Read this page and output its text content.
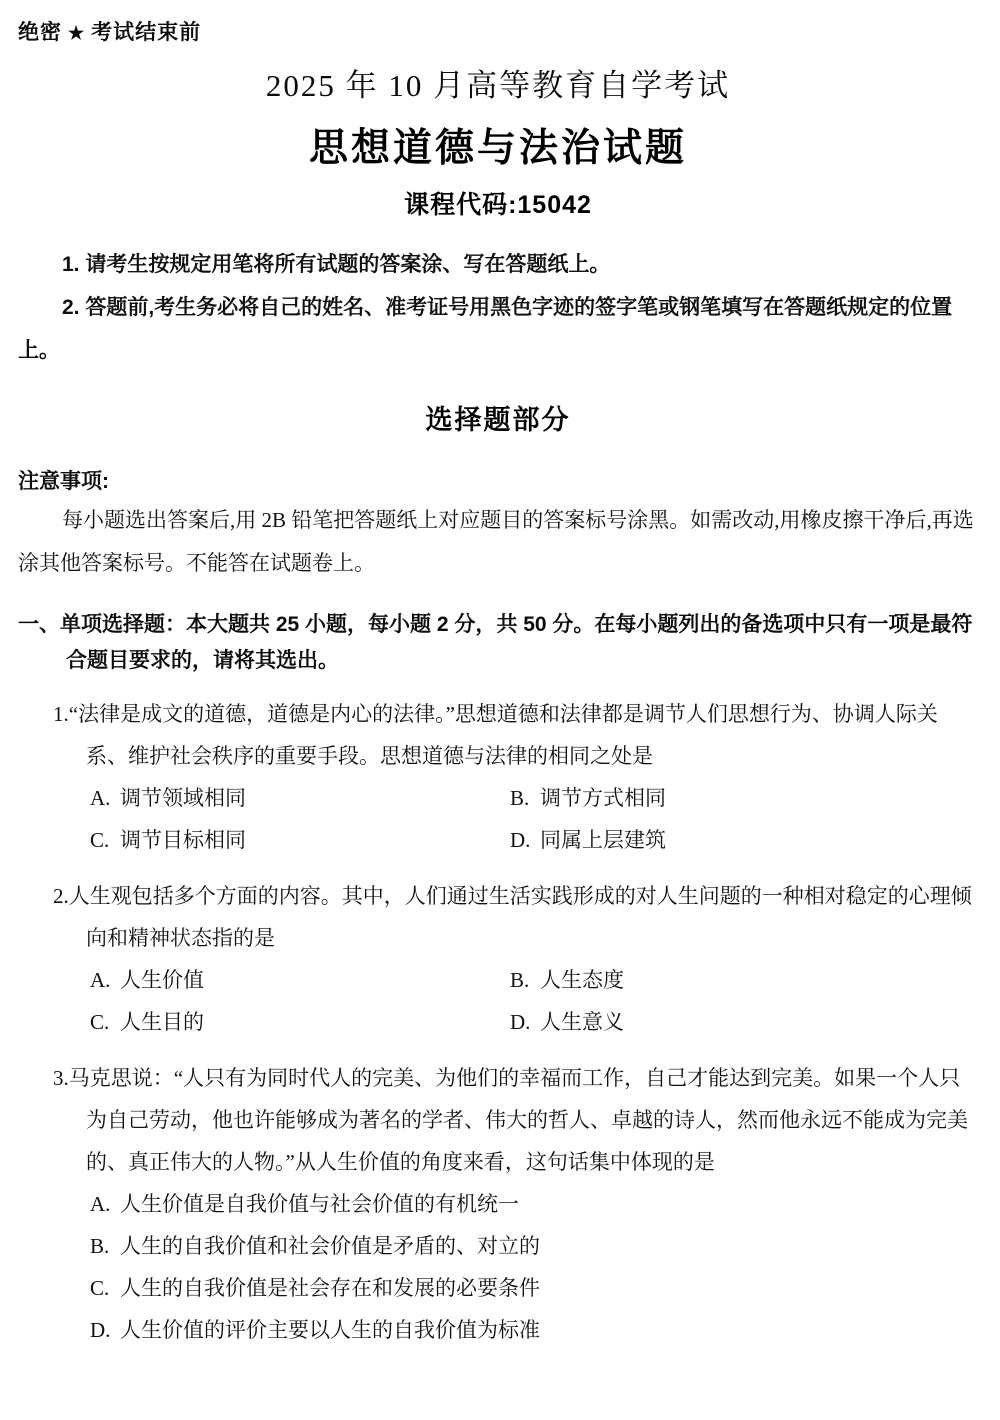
绝密 ★ 考试结束前
2025 年 10 月高等教育自学考试
思想道德与法治试题
课程代码:15042
1. 请考生按规定用笔将所有试题的答案涂、写在答题纸上。
2. 答题前,考生务必将自己的姓名、准考证号用黑色字迹的签字笔或钢笔填写在答题纸规定的位置上。
选择题部分
注意事项:
每小题选出答案后,用 2B 铅笔把答题纸上对应题目的答案标号涂黑。如需改动,用橡皮擦干净后,再选涂其他答案标号。不能答在试题卷上。
一、单项选择题：本大题共 25 小题，每小题 2 分，共 50 分。在每小题列出的备选项中只有一项是最符合题目要求的，请将其选出。
1.“法律是成文的道德，道德是内心的法律。”思想道德和法律都是调节人们思想行为、协调人际关系、维护社会秩序的重要手段。思想道德与法律的相同之处是
A. 调节领域相同	B. 调节方式相同
C. 调节目标相同	D. 同属上层建筑
2.人生观包括多个方面的内容。其中，人们通过生活实践形成的对人生问题的一种相对稳定的心理倾向和精神状态指的是
A. 人生价值	B. 人生态度
C. 人生目的	D. 人生意义
3.马克思说：“人只有为同时代人的完美、为他们的幸福而工作，自己才能达到完美。如果一个人只为自己劳动，他也许能够成为著名的学者、伟大的哲人、卓越的诗人，然而他永远不能成为完美的、真正伟大的人物。”从人生价值的角度来看，这句话集中体现的是
A. 人生价值是自我价值与社会价值的有机统一
B. 人生的自我价值和社会价值是矛盾的、对立的
C. 人生的自我价值是社会存在和发展的必要条件
D. 人生价值的评价主要以人生的自我价值为标准
